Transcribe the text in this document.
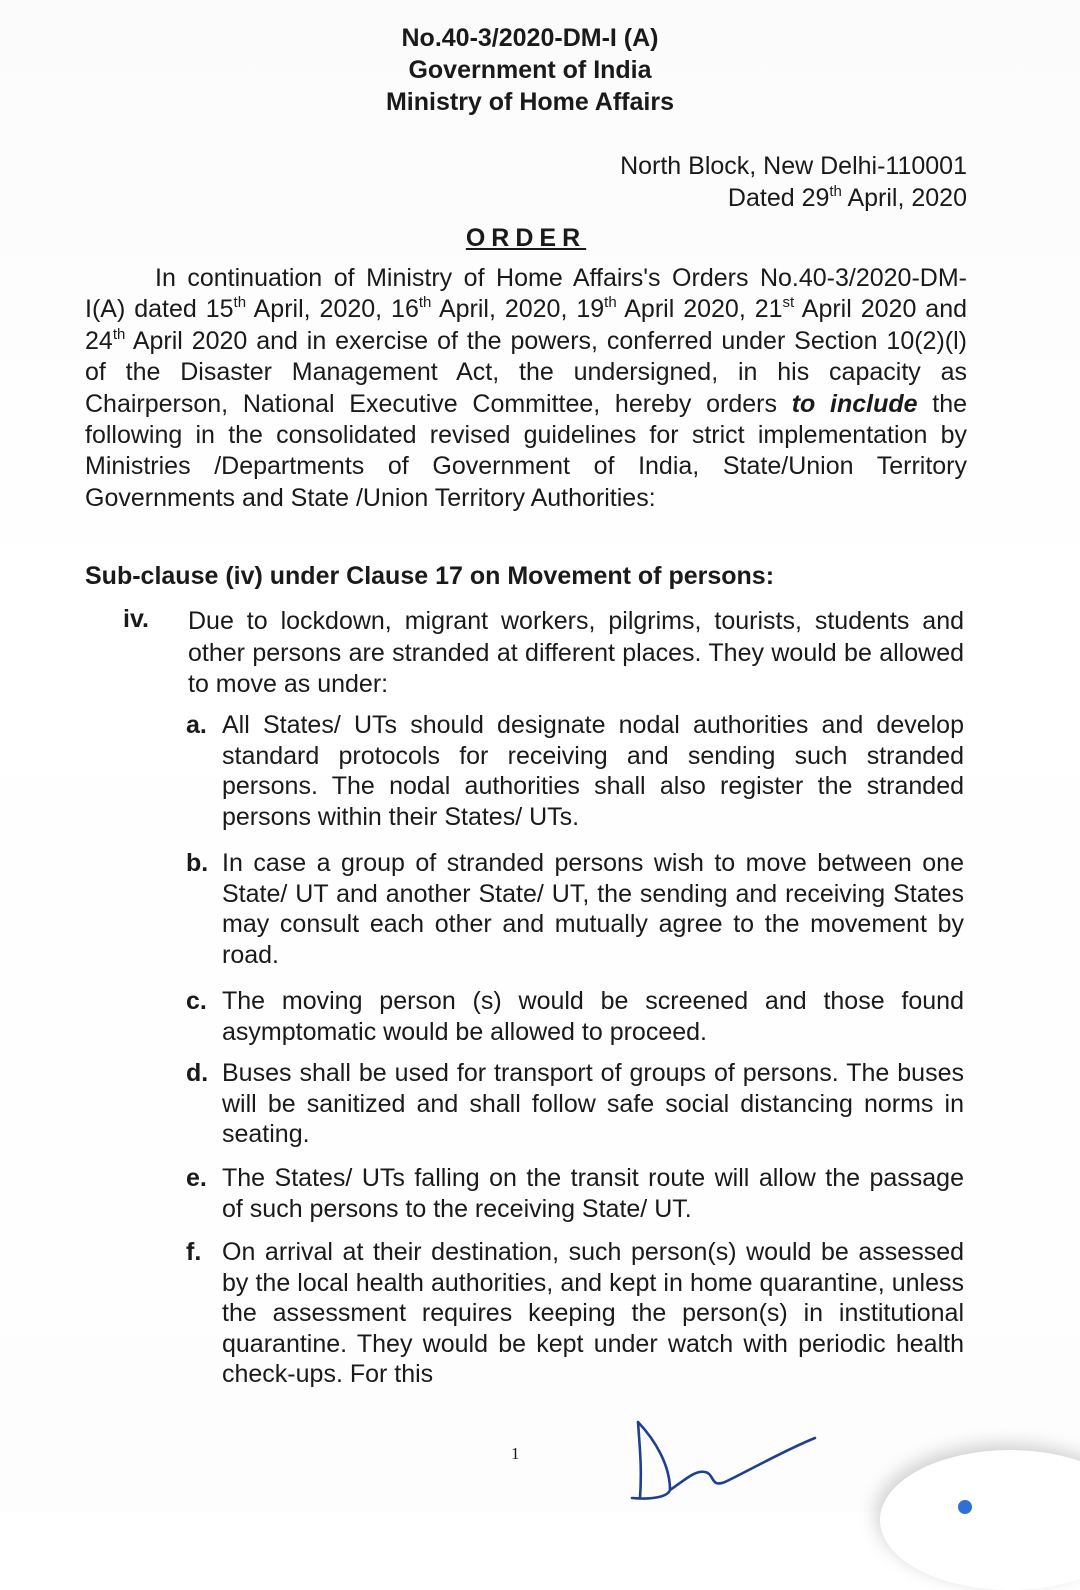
No.40-3/2020-DM-I (A)
Government of India
Ministry of Home Affairs
North Block, New Delhi-110001
Dated 29th April, 2020
ORDER
In continuation of Ministry of Home Affairs's Orders No.40-3/2020-DM-I(A) dated 15th April, 2020, 16th April, 2020, 19th April 2020, 21st April 2020 and 24th April 2020 and in exercise of the powers, conferred under Section 10(2)(l) of the Disaster Management Act, the undersigned, in his capacity as Chairperson, National Executive Committee, hereby orders to include the following in the consolidated revised guidelines for strict implementation by Ministries /Departments of Government of India, State/Union Territory Governments and State /Union Territory Authorities:
Sub-clause (iv) under Clause 17 on Movement of persons:
iv. Due to lockdown, migrant workers, pilgrims, tourists, students and other persons are stranded at different places. They would be allowed to move as under:
a. All States/ UTs should designate nodal authorities and develop standard protocols for receiving and sending such stranded persons. The nodal authorities shall also register the stranded persons within their States/ UTs.
b. In case a group of stranded persons wish to move between one State/ UT and another State/ UT, the sending and receiving States may consult each other and mutually agree to the movement by road.
c. The moving person (s) would be screened and those found asymptomatic would be allowed to proceed.
d. Buses shall be used for transport of groups of persons. The buses will be sanitized and shall follow safe social distancing norms in seating.
e. The States/ UTs falling on the transit route will allow the passage of such persons to the receiving State/ UT.
f. On arrival at their destination, such person(s) would be assessed by the local health authorities, and kept in home quarantine, unless the assessment requires keeping the person(s) in institutional quarantine. They would be kept under watch with periodic health check-ups. For this
1
